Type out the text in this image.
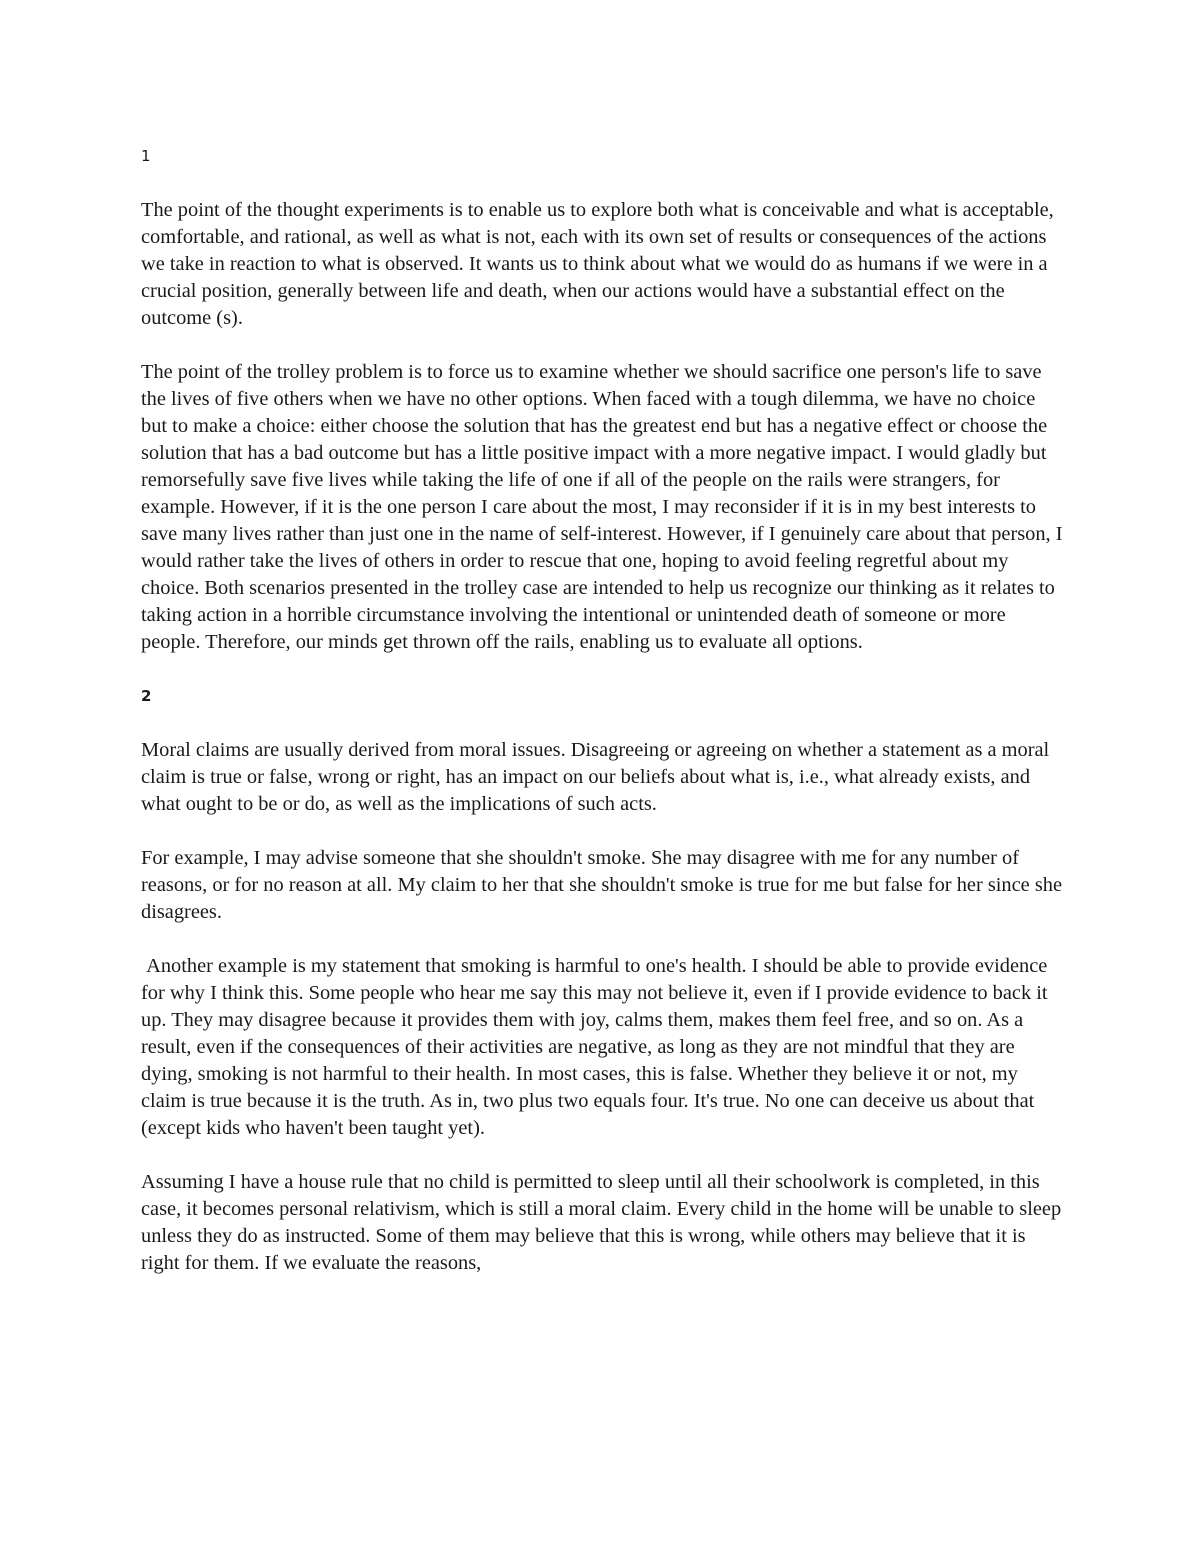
1

The point of the thought experiments is to enable us to explore both what is conceivable and what is acceptable, comfortable, and rational, as well as what is not, each with its own set of results or consequences of the actions we take in reaction to what is observed. It wants us to think about what we would do as humans if we were in a crucial position, generally between life and death, when our actions would have a substantial effect on the outcome (s).

The point of the trolley problem is to force us to examine whether we should sacrifice one person's life to save the lives of five others when we have no other options. When faced with a tough dilemma, we have no choice but to make a choice: either choose the solution that has the greatest end but has a negative effect or choose the solution that has a bad outcome but has a little positive impact with a more negative impact. I would gladly but remorsefully save five lives while taking the life of one if all of the people on the rails were strangers, for example. However, if it is the one person I care about the most, I may reconsider if it is in my best interests to save many lives rather than just one in the name of self-interest. However, if I genuinely care about that person, I would rather take the lives of others in order to rescue that one, hoping to avoid feeling regretful about my choice. Both scenarios presented in the trolley case are intended to help us recognize our thinking as it relates to taking action in a horrible circumstance involving the intentional or unintended death of someone or more people. Therefore, our minds get thrown off the rails, enabling us to evaluate all options.

2

Moral claims are usually derived from moral issues. Disagreeing or agreeing on whether a statement as a moral claim is true or false, wrong or right, has an impact on our beliefs about what is, i.e., what already exists, and what ought to be or do, as well as the implications of such acts.

For example, I may advise someone that she shouldn't smoke. She may disagree with me for any number of reasons, or for no reason at all. My claim to her that she shouldn't smoke is true for me but false for her since she disagrees.

Another example is my statement that smoking is harmful to one's health. I should be able to provide evidence for why I think this. Some people who hear me say this may not believe it, even if I provide evidence to back it up. They may disagree because it provides them with joy, calms them, makes them feel free, and so on. As a result, even if the consequences of their activities are negative, as long as they are not mindful that they are dying, smoking is not harmful to their health. In most cases, this is false. Whether they believe it or not, my claim is true because it is the truth. As in, two plus two equals four. It's true. No one can deceive us about that (except kids who haven't been taught yet).

Assuming I have a house rule that no child is permitted to sleep until all their schoolwork is completed, in this case, it becomes personal relativism, which is still a moral claim. Every child in the home will be unable to sleep unless they do as instructed. Some of them may believe that this is wrong, while others may believe that it is right for them. If we evaluate the reasons,
